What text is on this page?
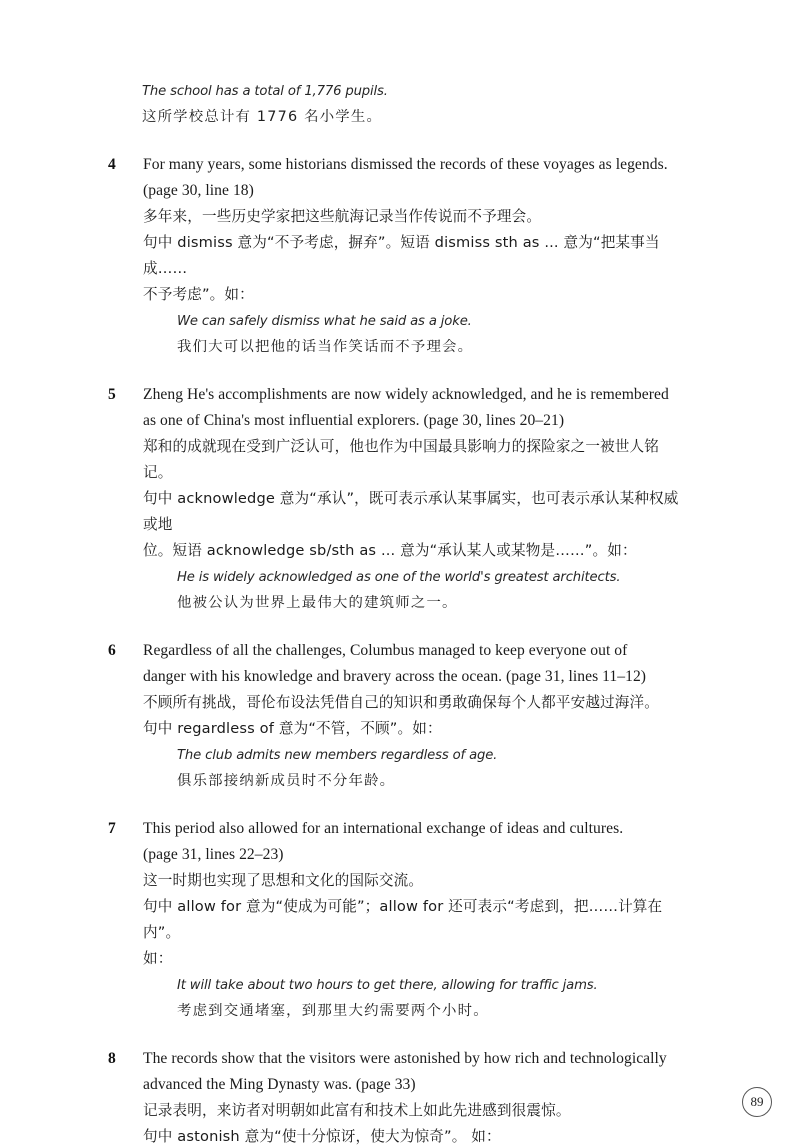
The school has a total of 1,776 pupils.

这所学校总计有 1776 名小学生。

4	For many years, some historians dismissed the records of these voyages as legends.

(page 30, line 18)

多年来，一些历史学家把这些航海记录当作传说而不予理会。

句中 dismiss 意为“不予考虑，摒弃”。短语 dismiss sth as ... 意为“把某事当成……

不予考虑”。如：

We can safely dismiss what he said as a joke.

我们大可以把他的话当作笑话而不予理会。

5	Zheng He's accomplishments are now widely acknowledged, and he is remembered

as one of China's most influential explorers. (page 30, lines 20–21)

郑和的成就现在受到广泛认可，他也作为中国最具影响力的探险家之一被世人铭记。

句中 acknowledge 意为“承认”，既可表示承认某事属实，也可表示承认某种权威或地

位。短语 acknowledge sb/sth as ... 意为“承认某人或某物是……”。如：

He is widely acknowledged as one of the world's greatest architects.

他被公认为世界上最伟大的建筑师之一。

6	Regardless of all the challenges, Columbus managed to keep everyone out of

danger with his knowledge and bravery across the ocean. (page 31, lines 11–12)

不顾所有挑战，哥伦布设法凭借自己的知识和勇敢确保每个人都平安越过海洋。

句中 regardless of 意为“不管，不顾”。如：

The club admits new members regardless of age.

俱乐部接纳新成员时不分年龄。

7	This period also allowed for an international exchange of ideas and cultures.

(page 31, lines 22–23)

这一时期也实现了思想和文化的国际交流。

句中 allow for 意为“使成为可能”；allow for 还可表示“考虑到，把……计算在内”。

如：

It will take about two hours to get there, allowing for traffic jams.

考虑到交通堵塞，到那里大约需要两个小时。

8	The records show that the visitors were astonished by how rich and technologically

advanced the Ming Dynasty was. (page 33)

记录表明，来访者对明朝如此富有和技术上如此先进感到很震惊。

句中 astonish 意为“使十分惊讶，使大为惊奇”。 如：

89
